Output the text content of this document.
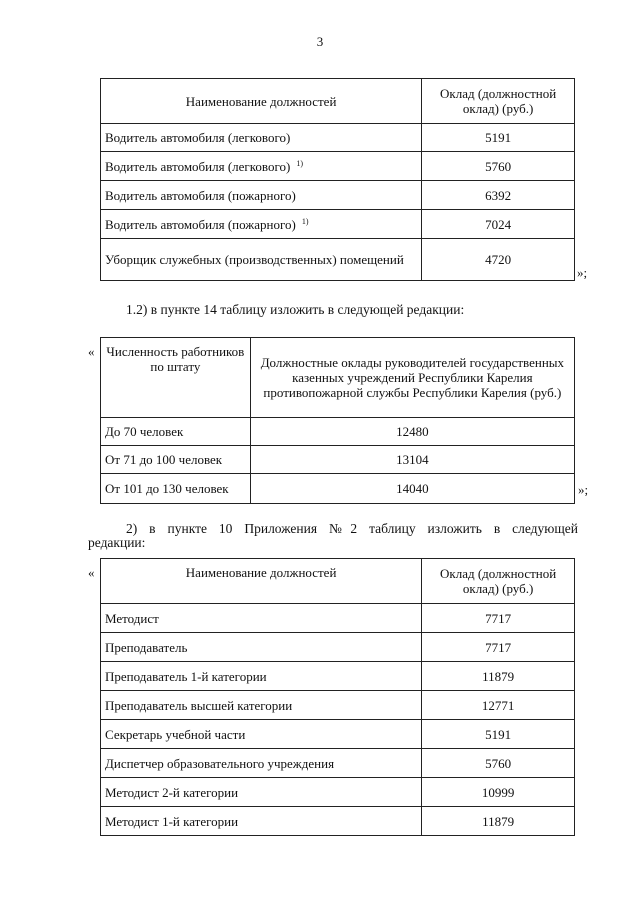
3
Наименование должностей	Оклад (должностной оклад) (руб.)
Водитель автомобиля (легкового)	5191
Водитель автомобиля (легкового) $^{1)}$	5760
Водитель автомобиля (пожарного)	6392
Водитель автомобиля (пожарного) $^{1)}$	7024
Уборщик служебных (производственных) помещений	4720
»;
1.2) в пункте 14 таблицу изложить в следующей редакции:
« Численность работников по штату	Должностные оклады руководителей государственных казенных учреждений Республики Карелия противопожарной службы Республики Карелия (руб.)
До 70 человек	12480
От 71 до 100 человек	13104
От 101 до 130 человек	14040	»;
2) в пункте 10 Приложения №2 таблицу изложить в следующей
редакции:
«	Наименование должностей	Оклад (должностной оклад) (руб.)
Методист	7717
Преподаватель	7717
Преподаватель 1-й категории	11879
Преподаватель высшей категории	12771
Секретарь учебной части	5191
Диспетчер образовательного учреждения	5760
Методист 2-й категории	10999
Методист 1-й категории	11879
